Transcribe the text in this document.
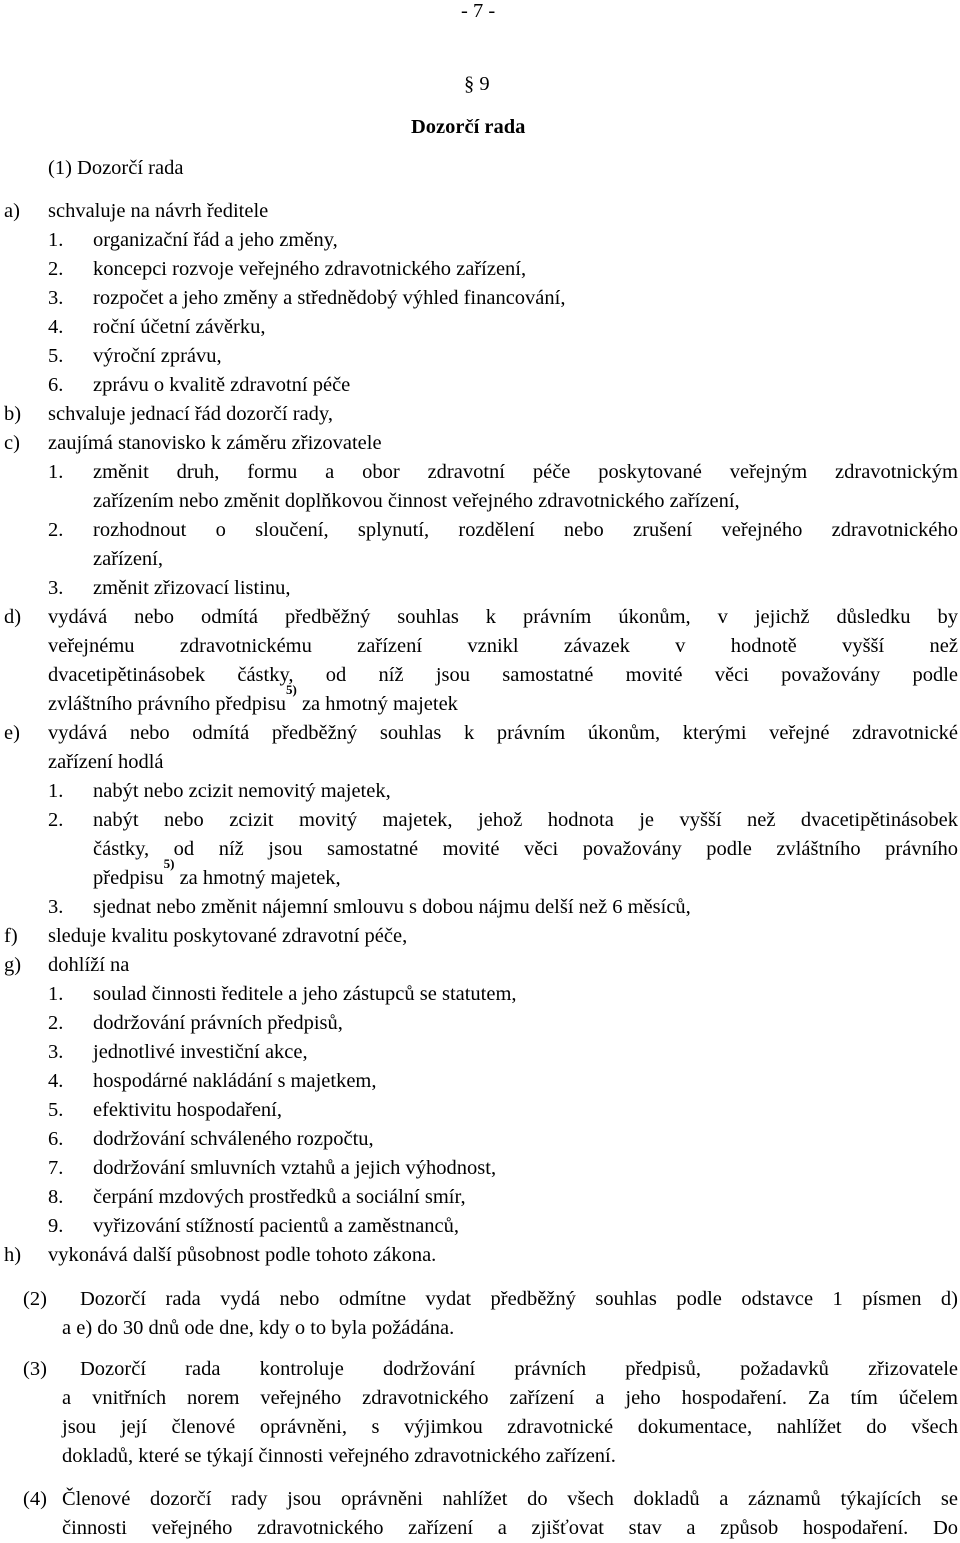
- 7 -
§ 9
Dozorčí rada
(1) Dozorčí rada
a) schvaluje na návrh ředitele
1. organizační řád a jeho změny,
2. koncepci rozvoje veřejného zdravotnického zařízení,
3. rozpočet a jeho změny a střednědobý výhled financování,
4. roční účetní závěrku,
5. výroční zprávu,
6. zprávu o kvalitě zdravotní péče
b) schvaluje jednací řád dozorčí rady,
c) zaujímá stanovisko k záměru zřizovatele
1. změnit druh, formu a obor zdravotní péče poskytované veřejným zdravotnickým
zařízením nebo změnit doplňkovou činnost veřejného zdravotnického zařízení,
2. rozhodnout o sloučení, splynutí, rozdělení nebo zrušení veřejného zdravotnického
zařízení,
3. změnit zřizovací listinu,
d) vydává nebo odmítá předběžný souhlas k právním úkonům, v jejichž důsledku by
veřejnému zdravotnickému zařízení vznikl závazek v hodnotě vyšší než
dvacetipětinásobek částky, od níž jsou samostatné movité věci považovány podle
zvláštního právního předpisu$^{5)}$ za hmotný majetek
e) vydává nebo odmítá předběžný souhlas k právním úkonům, kterými veřejné zdravotnické
zařízení hodlá
1. nabýt nebo zcizit nemovitý majetek,
2. nabýt nebo zcizit movitý majetek, jehož hodnota je vyšší než dvacetipětinásobek
částky, od níž jsou samostatné movité věci považovány podle zvláštního právního
předpisu$^{5)}$ za hmotný majetek,
3. sjednat nebo změnit nájemní smlouvu s dobou nájmu delší než 6 měsíců,
f) sleduje kvalitu poskytované zdravotní péče,
g) dohlíží na
1. soulad činnosti ředitele a jeho zástupců se statutem,
2. dodržování právních předpisů,
3. jednotlivé investiční akce,
4. hospodárné nakládání s majetkem,
5. efektivitu hospodaření,
6. dodržování schváleného rozpočtu,
7. dodržování smluvních vztahů a jejich výhodnost,
8. čerpání mzdových prostředků a sociální smír,
9. vyřizování stížností pacientů a zaměstnanců,
h) vykonává další působnost podle tohoto zákona.
(2) Dozorčí rada vydá nebo odmítne vydat předběžný souhlas podle odstavce 1 písmen d)
a e) do 30 dnů ode dne, kdy o to byla požádána.
(3) Dozorčí rada kontroluje dodržování právních předpisů, požadavků zřizovatele
a vnitřních norem veřejného zdravotnického zařízení a jeho hospodaření. Za tím účelem
jsou její členové oprávněni, s výjimkou zdravotnické dokumentace, nahlížet do všech
dokladů, které se týkají činnosti veřejného zdravotnického zařízení.
(4) Členové dozorčí rady jsou oprávněni nahlížet do všech dokladů a záznamů týkajících se
činnosti veřejného zdravotnického zařízení a zjišťovat stav a způsob hospodaření. Do
